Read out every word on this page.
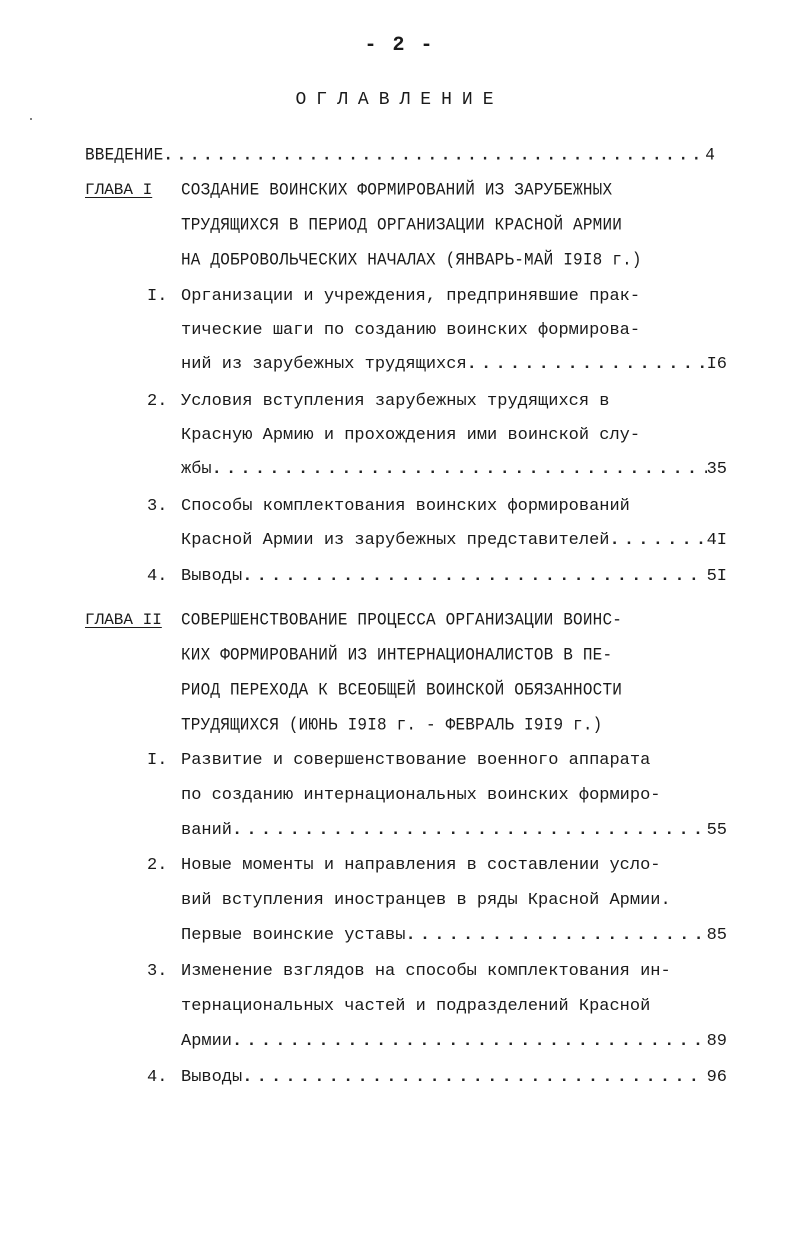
- 2 -
ОГЛАВЛЕНИЕ
ВВЕДЕНИЕ . . .	4
ГЛАВА I СОЗДАНИЕ ВОИНСКИХ ФОРМИРОВАНИЙ ИЗ ЗАРУБЕЖНЫХ
ТРУДЯЩИХСЯ В ПЕРИОД ОРГАНИЗАЦИИ КРАСНОЙ АРМИИ
НА ДОБРОВОЛЬЧЕСКИХ НАЧАЛАХ (ЯНВАРЬ-МАЙ I9I8 г.)
I. Организации и учреждения, предпринявшие прак-
тические шаги по созданию воинских формирова-
ний из зарубежных трудящихся . . .	I6
2. Условия вступления зарубежных трудящихся в
Красную Армию и прохождения ими воинской слу-
жбы . . .	35
3. Способы комплектования воинских формирований
Красной Армии из зарубежных представителей . . .	4I
4. Выводы . . .	5I
ГЛАВА II СОВЕРШЕНСТВОВАНИЕ ПРОЦЕССА ОРГАНИЗАЦИИ ВОИНС-
КИХ ФОРМИРОВАНИЙ ИЗ ИНТЕРНАЦИОНАЛИСТОВ В ПЕ-
РИОД ПЕРЕХОДА К ВСЕОБЩЕЙ ВОИНСКОЙ ОБЯЗАННОСТИ
ТРУДЯЩИХСЯ (ИЮНЬ I9I8 г. - ФЕВРАЛЬ I9I9 г.)
I. Развитие и совершенствование военного аппарата
по созданию интернациональных воинских формиро-
ваний . . .	55
2. Новые моменты и направления в составлении усло-
вий вступления иностранцев в ряды Красной Армии.
Первые воинские уставы . . .	85
3. Изменение взглядов на способы комплектования ин-
тернациональных частей и подразделений Красной
Армии . . .	89
4. Выводы . . .	96
